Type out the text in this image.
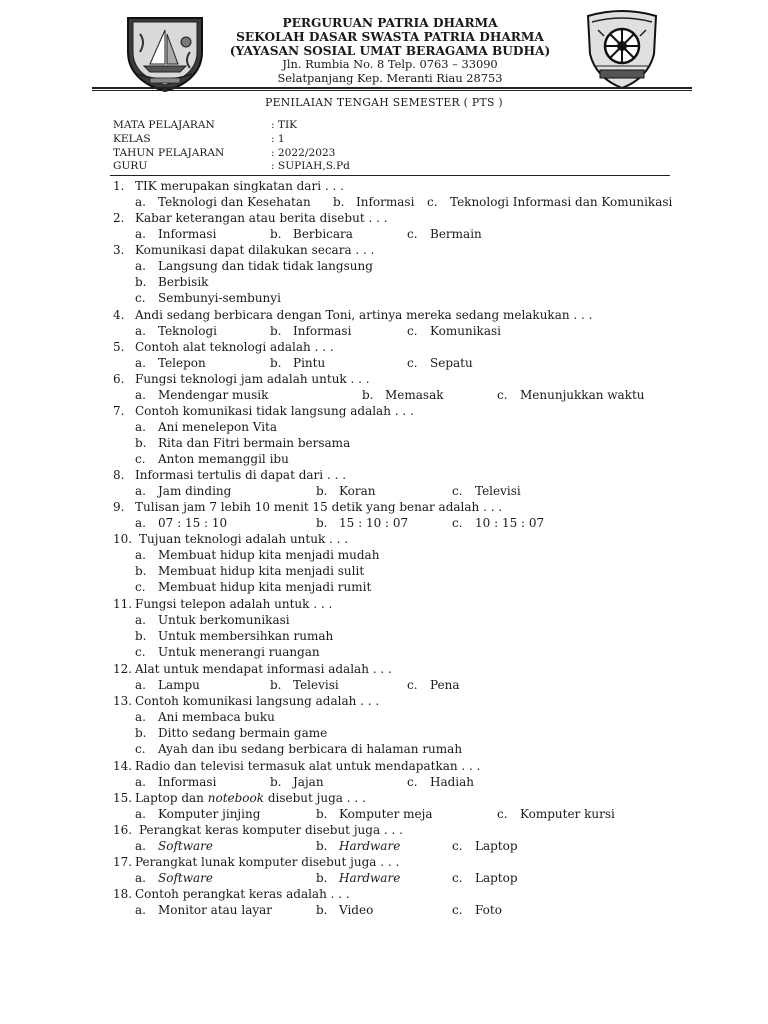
PERGURUAN PATRIA DHARMA
SEKOLAH DASAR SWASTA PATRIA DHARMA
(YAYASAN SOSIAL UMAT BERAGAMA BUDHA)
Jln. Rumbia No. 8 Telp. 0763 – 33090
Selatpanjang Kep. Meranti Riau 28753
PENILAIAN TENGAH SEMESTER ( PTS )
MATA PELAJARAN	: TIK
KELAS	: 1
TAHUN PELAJARAN	: 2022/2023
GURU	: SUPIAH,S.Pd
1. TIK merupakan singkatan dari . . .
a. Teknologi dan Kesehatan b. Informasi c. Teknologi Informasi dan Komunikasi
2. Kabar keterangan atau berita disebut . . .
a. Informasi	b. Berbicara	c. Bermain
3. Komunikasi dapat dilakukan secara . . .
a. Langsung dan tidak tidak langsung
b. Berbisik
c. Sembunyi-sembunyi
4. Andi sedang berbicara dengan Toni, artinya mereka sedang melakukan . . .
a. Teknologi	b. Informasi	c. Komunikasi
5. Contoh alat teknologi adalah . . .
a. Telepon	b. Pintu	c. Sepatu
6. Fungsi teknologi jam adalah untuk . . .
a. Mendengar musik	b. Memasak	c. Menunjukkan waktu
7. Contoh komunikasi tidak langsung adalah . . .
a. Ani menelepon Vita
b. Rita dan Fitri bermain bersama
c. Anton memanggil ibu
8. Informasi tertulis di dapat dari . . .
a. Jam dinding	b. Koran	c. Televisi
9. Tulisan jam 7 lebih 10 menit 15 detik yang benar adalah . . .
a. 07 : 15 : 10	b. 15 : 10 : 07	c. 10 : 15 : 07
10. Tujuan teknologi adalah untuk . . .
a. Membuat hidup kita menjadi mudah
b. Membuat hidup kita menjadi sulit
c. Membuat hidup kita menjadi rumit
11. Fungsi telepon adalah untuk . . .
a. Untuk berkomunikasi
b. Untuk membersihkan rumah
c. Untuk menerangi ruangan
12. Alat untuk mendapat informasi adalah . . .
a. Lampu	b. Televisi	c. Pena
13. Contoh komunikasi langsung adalah . . .
a. Ani membaca buku
b. Ditto sedang bermain game
c. Ayah dan ibu sedang berbicara di halaman rumah
14. Radio dan televisi termasuk alat untuk mendapatkan . . .
a. Informasi	b. Jajan	c. Hadiah
15. Laptop dan notebook disebut juga . . .
a. Komputer jinjing	b. Komputer meja	c. Komputer kursi
16. Perangkat keras komputer disebut juga . . .
a. Software	b. Hardware	c. Laptop
17. Perangkat lunak komputer disebut juga . . .
a. Software	b. Hardware	c. Laptop
18. Contoh perangkat keras adalah . . .
a. Monitor atau layar	b. Video	c. Foto
